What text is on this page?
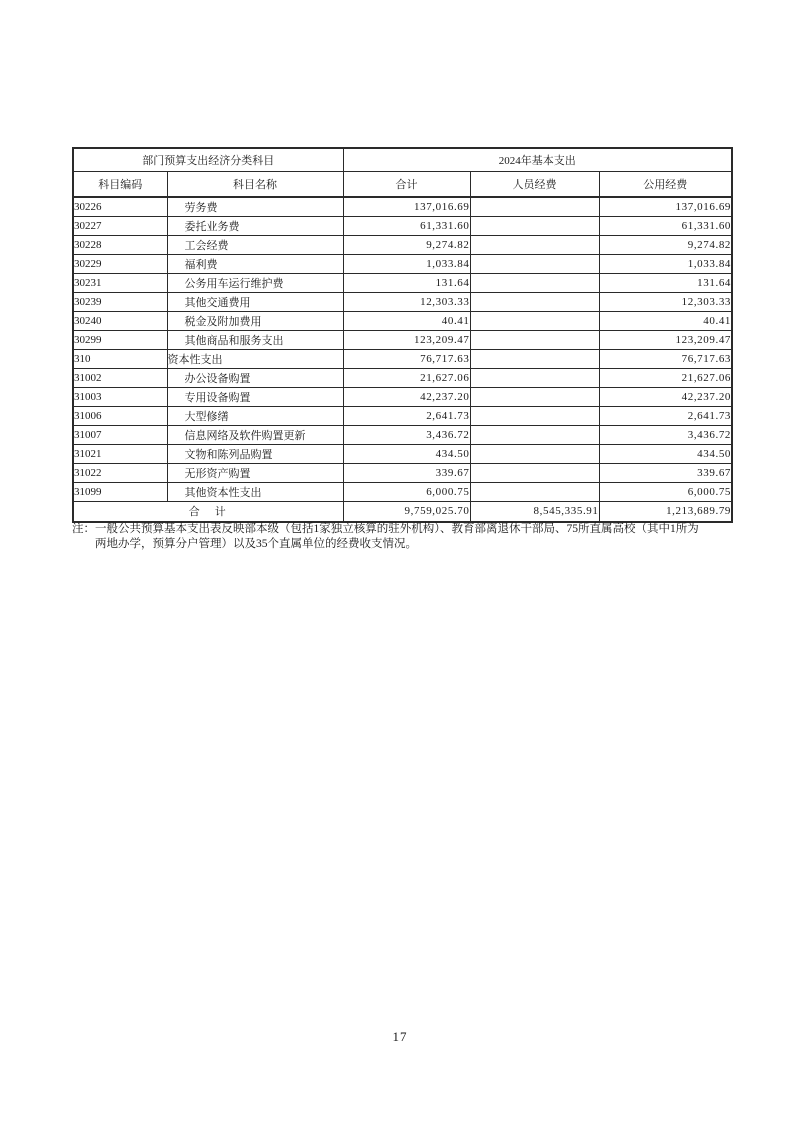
部门预算支出经济分类科目		2024年基本支出		
科目编码	科目名称	合计	人员经费	公用经费
30226	劳务费	137,016.69		137,016.69
30227	委托业务费	61,331.60		61,331.60
30228	工会经费	9,274.82		9,274.82
30229	福利费	1,033.84		1,033.84
30231	公务用车运行维护费	131.64		131.64
30239	其他交通费用	12,303.33		12,303.33
30240	税金及附加费用	40.41		40.41
30299	其他商品和服务支出	123,209.47		123,209.47
310	资本性支出	76,717.63		76,717.63
31002	办公设备购置	21,627.06		21,627.06
31003	专用设备购置	42,237.20		42,237.20
31006	大型修缮	2,641.73		2,641.73
31007	信息网络及软件购置更新	3,436.72		3,436.72
31021	文物和陈列品购置	434.50		434.50
31022	无形资产购置	339.67		339.67
31099	其他资本性支出	6,000.75		6,000.75
合　计		9,759,025.70	8,545,335.91	1,213,689.79
注： 一般公共预算基本支出表反映部本级（包括1家独立核算的驻外机构）、教育部离退休干部局、75所直属高校（其中1所为两地办学，预算分户管理）以及35个直属单位的经费收支情况。
17
